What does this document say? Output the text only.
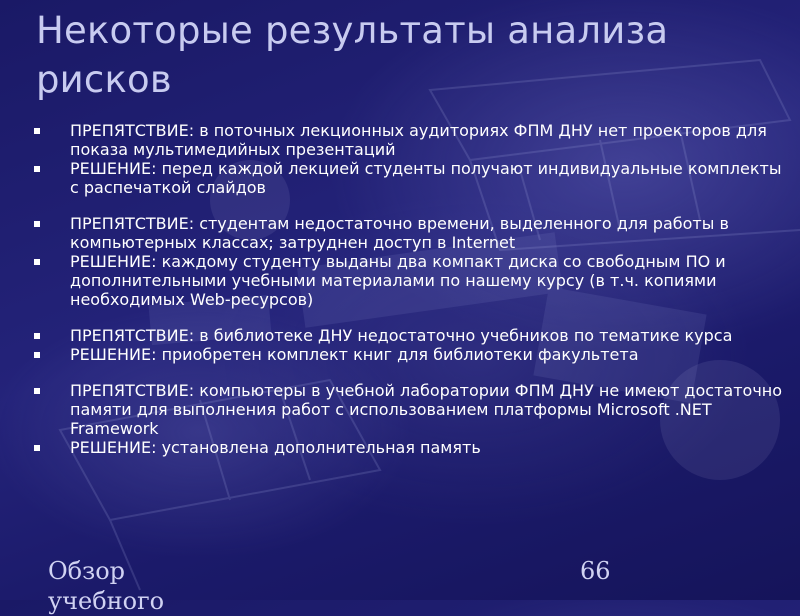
Некоторые результаты анализа рисков
ПРЕПЯТСТВИЕ: в поточных лекционных аудиториях ФПМ ДНУ нет проекторов для показа мультимедийных презентаций
РЕШЕНИЕ: перед каждой лекцией студенты получают индивидуальные комплекты с распечаткой слайдов
ПРЕПЯТСТВИЕ: студентам недостаточно времени, выделенного для работы в компьютерных классах; затруднен доступ в Internet
РЕШЕНИЕ: каждому студенту выданы два компакт диска со свободным ПО и дополнительными учебными материалами по нашему курсу (в т.ч. копиями необходимых Web-ресурсов)
ПРЕПЯТСТВИЕ: в библиотеке ДНУ недостаточно учебников по тематике курса
РЕШЕНИЕ: приобретен комплект книг для библиотеки факультета
ПРЕПЯТСТВИЕ: компьютеры в учебной лаборатории ФПМ ДНУ не имеют достаточно памяти для выполнения работ с использованием платформы Microsoft .NET Framework
РЕШЕНИЕ: установлена дополнительная память
Обзор учебного
66
